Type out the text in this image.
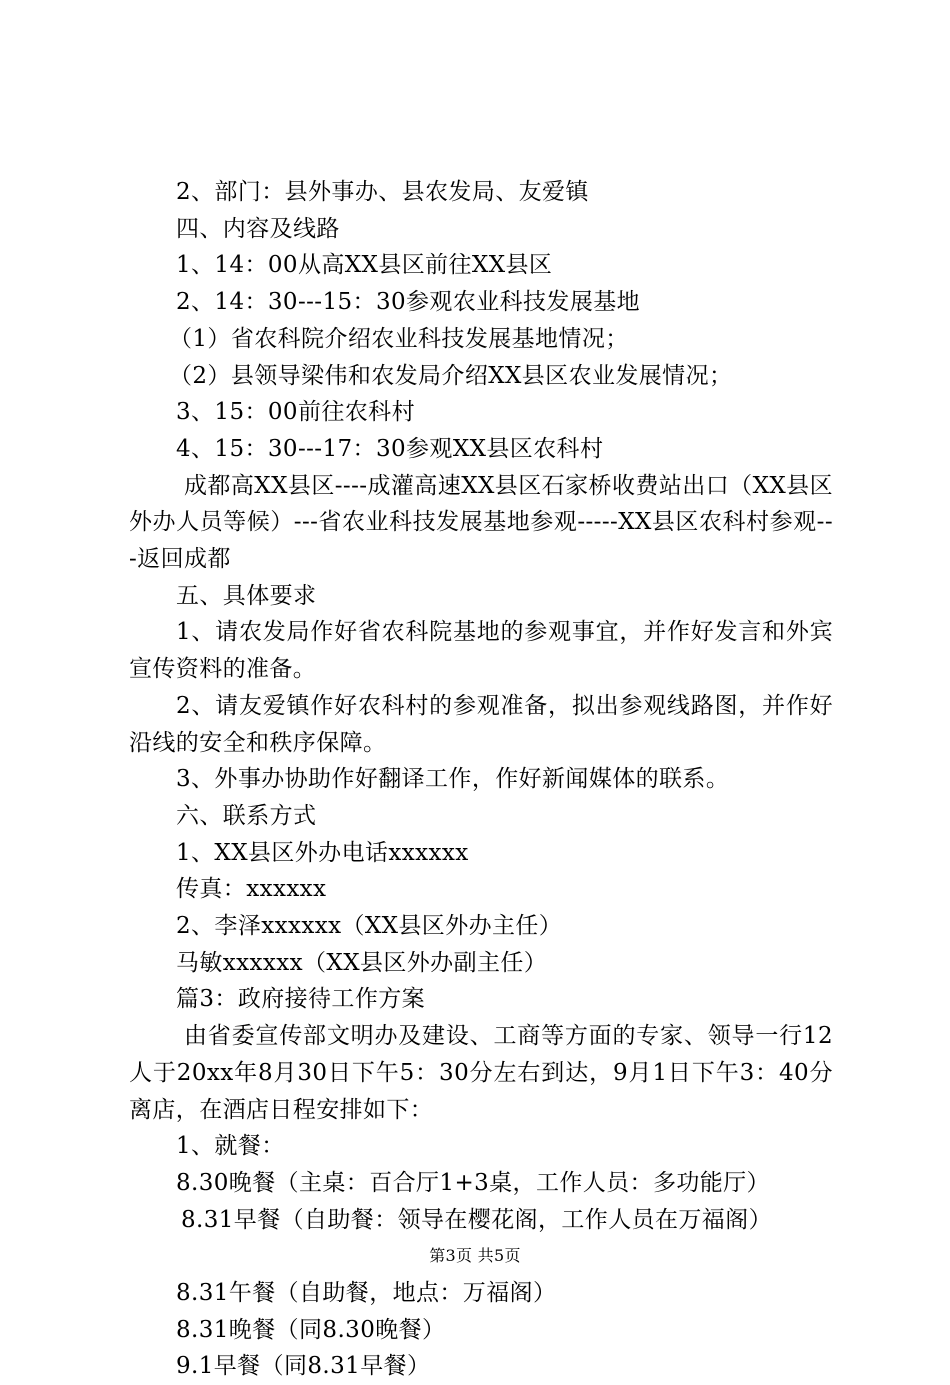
2、部门：县外事办、县农发局、友爱镇

四、内容及线路

1、14：00从高XX县区前往XX县区

2、14：30---15：30参观农业科技发展基地

（1）省农科院介绍农业科技发展基地情况；

（2）县领导梁伟和农发局介绍XX县区农业发展情况；

3、15：00前往农科村

4、15：30---17：30参观XX县区农科村

成都高XX县区----成灌高速XX县区石家桥收费站出口（XX县区外办人员等候）---省农业科技发展基地参观-----XX县区农科村参观---返回成都

五、具体要求

1、请农发局作好省农科院基地的参观事宜，并作好发言和外宾宣传资料的准备。

2、请友爱镇作好农科村的参观准备，拟出参观线路图，并作好沿线的安全和秩序保障。

3、外事办协助作好翻译工作，作好新闻媒体的联系。

六、联系方式

1、XX县区外办电话xxxxxx

传真：xxxxxx

2、李泽xxxxxx（XX县区外办主任）

马敏xxxxxx（XX县区外办副主任）

篇3：政府接待工作方案

由省委宣传部文明办及建设、工商等方面的专家、领导一行12人于20xx年8月30日下午5：30分左右到达，9月1日下午3：40分离店，在酒店日程安排如下：

1、就餐：

8.30晚餐（主桌：百合厅1+3桌，工作人员：多功能厅）

8.31早餐（自助餐：领导在樱花阁，工作人员在万福阁）

8.31午餐（自助餐，地点：万福阁）

8.31晚餐（同8.30晚餐）

9.1早餐（同8.31早餐）

第3页 共5页
